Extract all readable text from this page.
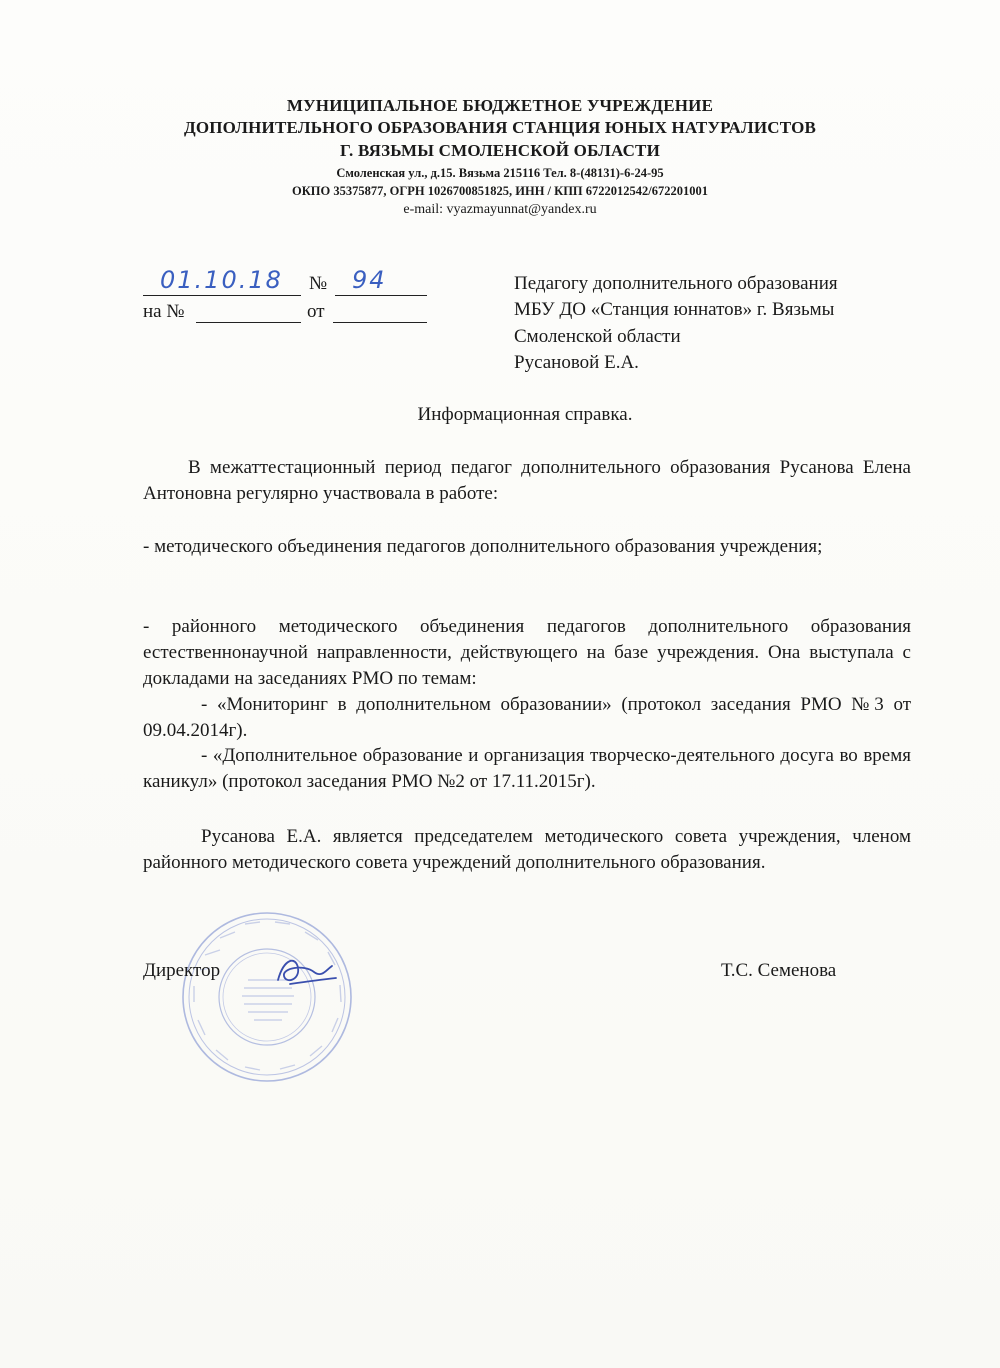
МУНИЦИПАЛЬНОЕ БЮДЖЕТНОЕ УЧРЕЖДЕНИЕ
ДОПОЛНИТЕЛЬНОГО ОБРАЗОВАНИЯ СТАНЦИЯ ЮНЫХ НАТУРАЛИСТОВ
Г. ВЯЗЬМЫ СМОЛЕНСКОЙ ОБЛАСТИ
Смоленская ул., д.15. Вязьма 215116 Тел. 8-(48131)-6-24-95
ОКПО 35375877, ОГРН 1026700851825, ИНН / КПП 6722012542/672201001
e-mail: vyazmayunnat@yandex.ru
01.10.18 № 94
на №	от
Педагогу дополнительного образования
МБУ ДО «Станция юннатов» г. Вязьмы
Смоленской области
Русановой Е.А.
Информационная справка.
В межаттестационный период педагог дополнительного образования Русанова Елена Антоновна регулярно участвовала в работе:
- методического объединения педагогов дополнительного образования учреждения;
- районного методического объединения педагогов дополнительного образования естественнонаучной направленности, действующего на базе учреждения. Она выступала с докладами на заседаниях РМО по темам:
- «Мониторинг в дополнительном образовании» (протокол заседания РМО №3 от 09.04.2014г).
- «Дополнительное образование и организация творческо-деятельного досуга во время каникул» (протокол заседания РМО №2 от 17.11.2015г).
Русанова Е.А. является председателем методического совета учреждения, членом районного методического совета учреждений дополнительного образования.
Директор	Т.С. Семенова
